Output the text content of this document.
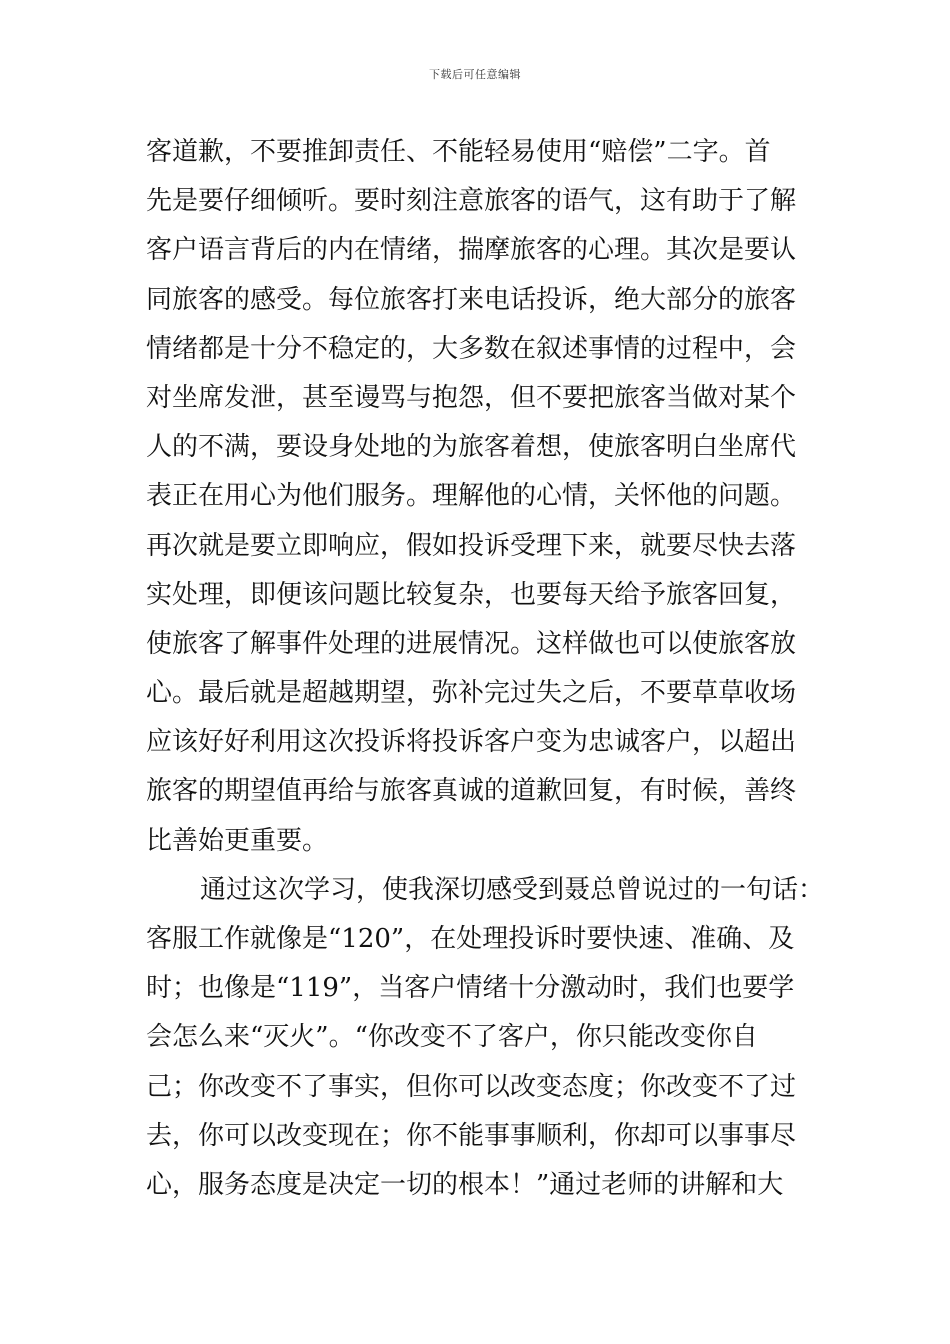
下载后可任意编辑
客道歉，不要推卸责任、不能轻易使用“赔偿”二字。首
先是要仔细倾听。要时刻注意旅客的语气，这有助于了解
客户语言背后的内在情绪，揣摩旅客的心理。其次是要认
同旅客的感受。每位旅客打来电话投诉，绝大部分的旅客
情绪都是十分不稳定的，大多数在叙述事情的过程中，会
对坐席发泄，甚至谩骂与抱怨，但不要把旅客当做对某个
人的不满，要设身处地的为旅客着想，使旅客明白坐席代
表正在用心为他们服务。理解他的心情，关怀他的问题。
再次就是要立即响应，假如投诉受理下来，就要尽快去落
实处理，即便该问题比较复杂，也要每天给予旅客回复，
使旅客了解事件处理的进展情况。这样做也可以使旅客放
心。最后就是超越期望，弥补完过失之后，不要草草收场
应该好好利用这次投诉将投诉客户变为忠诚客户，以超出
旅客的期望值再给与旅客真诚的道歉回复，有时候，善终
比善始更重要。
通过这次学习，使我深切感受到聂总曾说过的一句话：
客服工作就像是“120”，在处理投诉时要快速、准确、及
时；也像是“119”，当客户情绪十分激动时，我们也要学
会怎么来“灭火”。“你改变不了客户，你只能改变你自
己；你改变不了事实，但你可以改变态度；你改变不了过
去，你可以改变现在；你不能事事顺利，你却可以事事尽
心，服务态度是决定一切的根本！”通过老师的讲解和大
